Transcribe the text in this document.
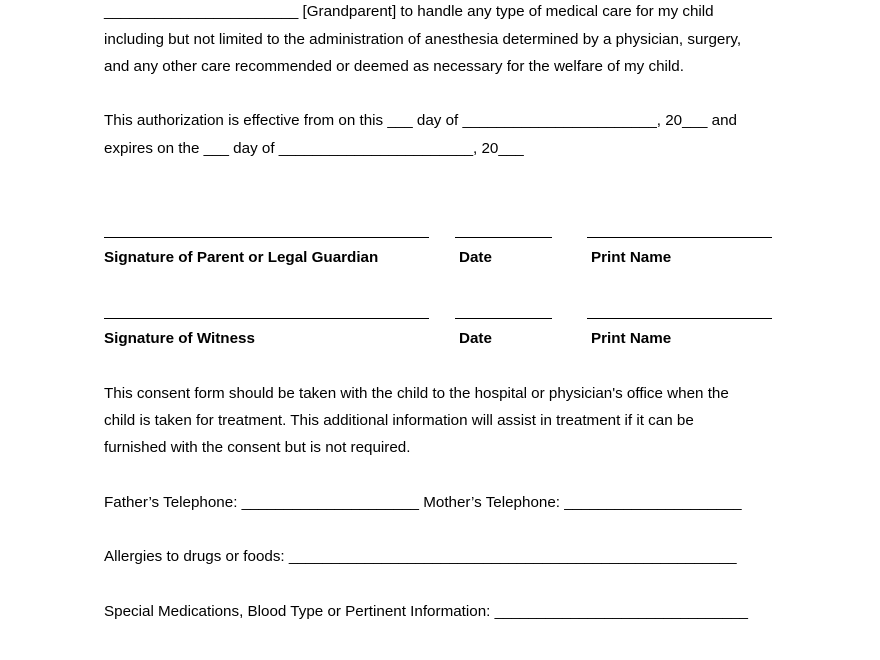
_______________________ [Grandparent] to handle any type of medical care for my child
including but not limited to the administration of anesthesia determined by a physician, surgery,
and any other care recommended or deemed as necessary for the welfare of my child.
This authorization is effective from on this ___ day of _______________________, 20___ and
expires on the ___ day of _______________________, 20___
Signature of Parent or Legal Guardian	Date	Print Name
Signature of Witness	Date	Print Name
This consent form should be taken with the child to the hospital or physician's office when the
child is taken for treatment. This additional information will assist in treatment if it can be
furnished with the consent but is not required.
Father’s Telephone: _____________________ Mother’s Telephone: _____________________
Allergies to drugs or foods: _____________________________________________________
Special Medications, Blood Type or Pertinent Information: ______________________________
